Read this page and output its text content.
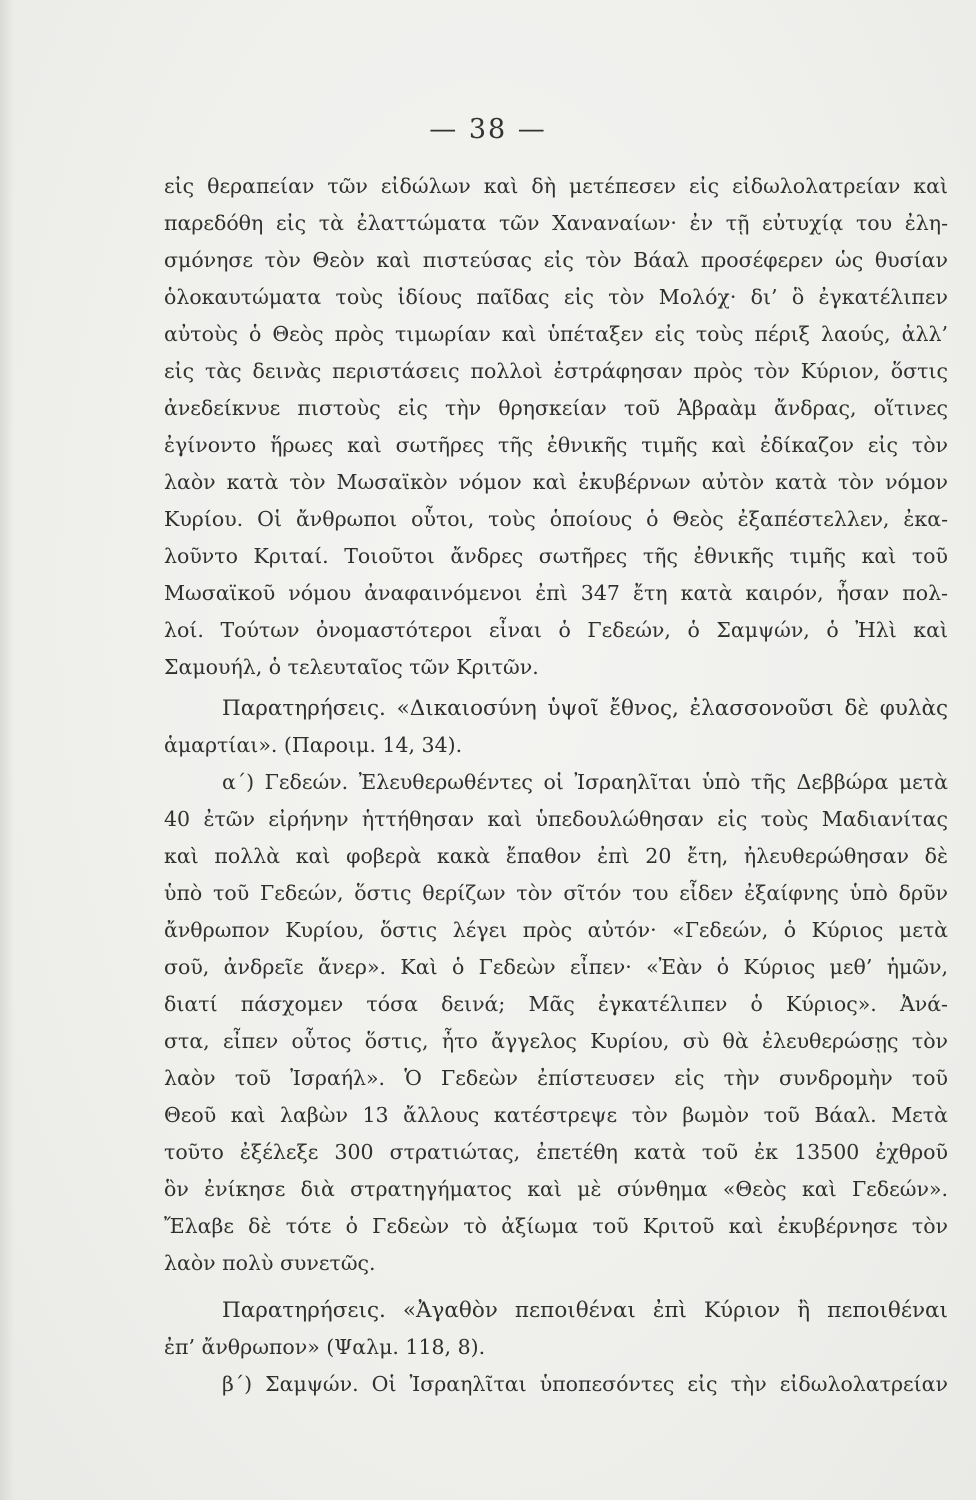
— 38 —
εἰς θεραπείαν τῶν εἰδώλων καὶ δὴ μετέπεσεν εἰς εἰδωλολατρείαν καὶ
παρεδόθη εἰς τὰ ἐλαττώματα τῶν Χαναναίων· ἐν τῇ εὐτυχίᾳ του ἐλη-
σμόνησε τὸν Θεὸν καὶ πιστεύσας εἰς τὸν Βάαλ προσέφερεν ὡς θυσίαν
ὁλοκαυτώματα τοὺς ἰδίους παῖδας εἰς τὸν Μολόχ· δι’ ὃ ἐγκατέλιπεν
αὐτοὺς ὁ Θεὸς πρὸς τιμωρίαν καὶ ὑπέταξεν εἰς τοὺς πέριξ λαούς, ἀλλ’
εἰς τὰς δεινὰς περιστάσεις πολλοὶ ἐστράφησαν πρὸς τὸν Κύριον, ὅστις
ἀνεδείκνυε πιστοὺς εἰς τὴν θρησκείαν τοῦ Ἀβραὰμ ἄνδρας, οἵτινες
ἐγίνοντο ἥρωες καὶ σωτῆρες τῆς ἐθνικῆς τιμῆς καὶ ἐδίκαζον εἰς τὸν
λαὸν κατὰ τὸν Μωσαϊκὸν νόμον καὶ ἐκυβέρνων αὐτὸν κατὰ τὸν νόμον
Κυρίου. Οἱ ἄνθρωποι οὗτοι, τοὺς ὁποίους ὁ Θεὸς ἐξαπέστελλεν, ἐκα-
λοῦντο Κριταί. Τοιοῦτοι ἄνδρες σωτῆρες τῆς ἐθνικῆς τιμῆς καὶ τοῦ
Μωσαϊκοῦ νόμου ἀναφαινόμενοι ἐπὶ 347 ἔτη κατὰ καιρόν, ἦσαν πολ-
λοί. Τούτων ὀνομαστότεροι εἶναι ὁ Γεδεών, ὁ Σαμψών, ὁ Ἠλὶ καὶ
Σαμουήλ, ὁ τελευταῖος τῶν Κριτῶν.
Παρατηρήσεις. «Δικαιοσύνη ὑψοῖ ἔθνος, ἐλασσονοῦσι δὲ φυλὰς
ἁμαρτίαι». (Παροιμ. 14, 34).
α΄) Γεδεών. Ἐλευθερωθέντες οἱ Ἰσραηλῖται ὑπὸ τῆς Δεββώρα μετὰ
40 ἐτῶν εἰρήνην ἡττήθησαν καὶ ὑπεδουλώθησαν εἰς τοὺς Μαδιανίτας
καὶ πολλὰ καὶ φοβερὰ κακὰ ἔπαθον ἐπὶ 20 ἔτη, ἠλευθερώθησαν δὲ
ὑπὸ τοῦ Γεδεών, ὅστις θερίζων τὸν σῖτόν του εἶδεν ἐξαίφνης ὑπὸ δρῦν
ἄνθρωπον Κυρίου, ὅστις λέγει πρὸς αὐτόν· «Γεδεών, ὁ Κύριος μετὰ
σοῦ, ἀνδρεῖε ἄνερ». Καὶ ὁ Γεδεὼν εἶπεν· «Ἐὰν ὁ Κύριος μεθ’ ἡμῶν,
διατί πάσχομεν τόσα δεινά; Μᾶς ἐγκατέλιπεν ὁ Κύριος». Ἀνά-
στα, εἶπεν οὗτος ὅστις, ἦτο ἄγγελος Κυρίου, σὺ θὰ ἐλευθερώσῃς τὸν
λαὸν τοῦ Ἰσραήλ». Ὁ Γεδεὼν ἐπίστευσεν εἰς τὴν συνδρομὴν τοῦ
Θεοῦ καὶ λαβὼν 13 ἄλλους κατέστρεψε τὸν βωμὸν τοῦ Βάαλ. Μετὰ
τοῦτο ἐξέλεξε 300 στρατιώτας, ἐπετέθη κατὰ τοῦ ἐκ 13500 ἐχθροῦ
ὃν ἐνίκησε διὰ στρατηγήματος καὶ μὲ σύνθημα «Θεὸς καὶ Γεδεών».
Ἔλαβε δὲ τότε ὁ Γεδεὼν τὸ ἀξίωμα τοῦ Κριτοῦ καὶ ἐκυβέρνησε τὸν
λαὸν πολὺ συνετῶς.
Παρατηρήσεις. «Ἀγαθὸν πεποιθέναι ἐπὶ Κύριον ἢ πεποιθέναι
ἐπ’ ἄνθρωπον» (Ψαλμ. 118, 8).
β΄) Σαμψών. Οἱ Ἰσραηλῖται ὑποπεσόντες εἰς τὴν εἰδωλολατρείαν
